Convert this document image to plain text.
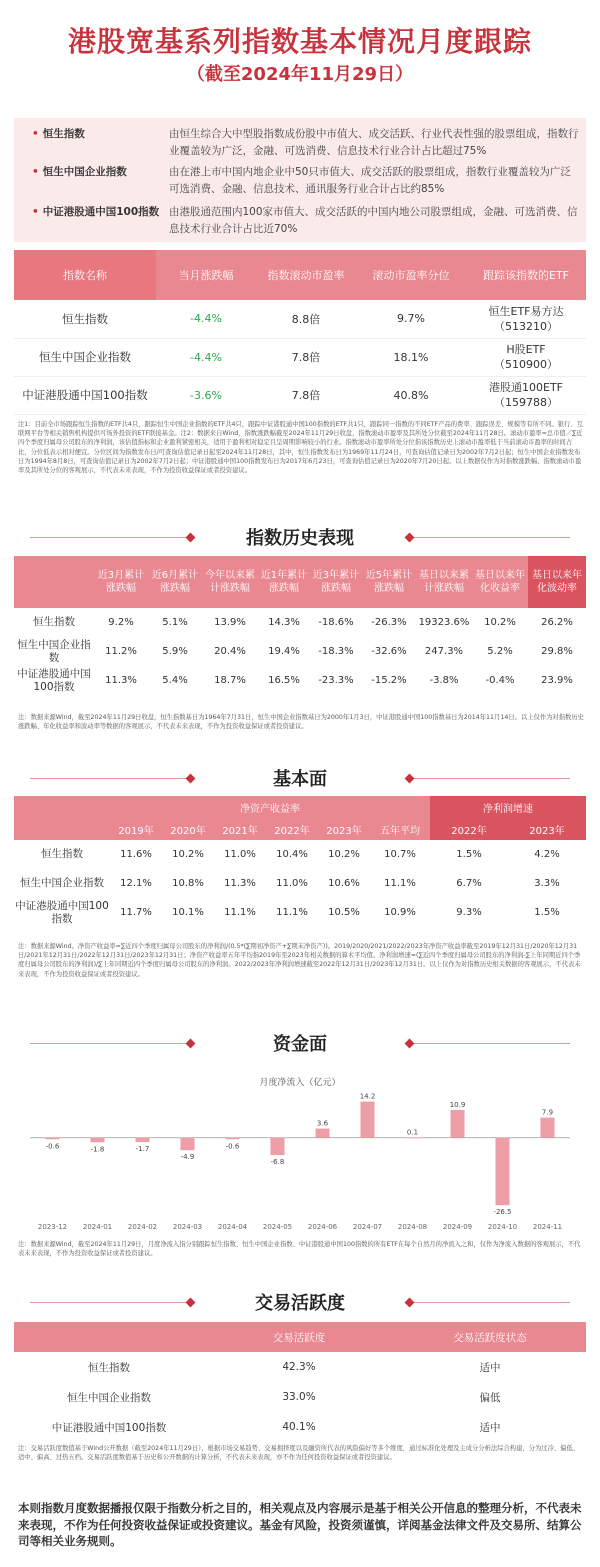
港股宽基系列指数基本情况月度跟踪
（截至2024年11月29日）
• 恒生指数	由恒生综合大中型股指数成份股中市值大、成交活跃、行业代表性强的股票组成，指数行业覆盖较为广泛，金融、可选消费、信息技术行业合计占比超过75%
• 恒生中国企业指数	由在港上市中国内地企业中50只市值大、成交活跃的股票组成，指数行业覆盖较为广泛可选消费、金融、信息技术、通讯服务行业合计占比约85%
• 中证港股通中国100指数 由港股通范围内100家市值大、成交活跃的中国内地公司股票组成，金融、可选消费、信息技术行业合计占比近70%
指数名称	当月涨跌幅	指数滚动市盈率	滚动市盈率分位	跟踪该指数的ETF
恒生指数	-4.4%	8.8倍	9.7%	恒生ETF易方达
（513210）

恒生中国企业指数	-4.4%	7.8倍	18.1%	H股ETF
（510900）

中证港股通中国100指数	-3.6%	7.8倍	40.8%	港股通100ETF
（159788）
注1：目前全市场跟踪恒生指数的ETF共4只，跟踪恒生中国企业指数的ETF共4只，跟踪中证港股通中国100指数的ETF共1只，跟踪同一指数的不同ETF产品的费率、跟踪误差、规模等有所不同。银行、互联网平台等相关销售机构提供可场外投资的ETF联接基金。注2：数据来自Wind，指数涨跌幅截至2024年11月29日收盘，指数滚动市盈率及其所处分位截至2024年11月28日。滚动市盈率=总市值／∑近四个季度归属母公司股东的净利润，该估值指标和企业盈利紧密相关，适用于盈利相对稳定且呈周期影响较小的行业。指数滚动市盈率所处分位指该指数历史上滚动市盈率低于当前滚动市盈率的时间占比，分位低表示相对便宜。分位区间为指数发布日/可查询估值记录日起至2024年11月28日，其中，恒生指数发布日为1969年11月24日，可查询估值记录日为2002年7月2日起；恒生中国企业指数发布日为1994年8月8日，可查询估值记录日为2002年7月2日起；中证港股通中国100指数发布日为2017年6月23日，可查询估值记录日为2020年7月20日起。以上数据仅作为对指数涨跌幅、指数滚动市盈率及其所处分位的客观展示，不代表未来表现，不作为投资收益保证或者投资建议。
指数历史表现
	近3月累计涨跌幅	近6月累计涨跌幅	今年以来累计涨跌幅	近1年累计涨跌幅	近3年累计涨跌幅	近5年累计涨跌幅	基日以来累计涨跌幅	基日以来年化收益率	基日以来年化波动率
恒生指数	9.2%	5.1%	13.9%	14.3%	-18.6%	-26.3%	19323.6%	10.2%	26.2%
恒生中国企业指数	11.2%	5.9%	20.4%	19.4%	-18.3%	-32.6%	247.3%	5.2%	29.8%
中证港股通中国100指数	11.3%	5.4%	18.7%	16.5%	-23.3%	-15.2%	-3.8%	-0.4%	23.9%
注：数据来源Wind，截至2024年11月29日收盘，恒生指数基日为1964年7月31日，恒生中国企业指数基日为2000年1月3日，中证港股通中国100指数基日为2014年11月14日。以上仅作为对指数历史涨跌幅、年化收益率和波动率等数据的客观展示，不代表未来表现，不作为投资收益保证或者投资建议。
基本面
	净资产收益率						净利润增速	
	2019年	2020年	2021年	2022年	2023年	五年平均	2022年	2023年
恒生指数	11.6%	10.2%	11.0%	10.4%	10.2%	10.7%	1.5%	4.2%
恒生中国企业指数	12.1%	10.8%	11.3%	11.0%	10.6%	11.1%	6.7%	3.3%
中证港股通中国100指数	11.7%	10.1%	11.1%	11.1%	10.5%	10.9%	9.3%	1.5%
注：数据来源Wind。净资产收益率=∑近四个季度归属母公司股东的净利润/(0.5*(∑期初净资产+∑期末净资产))。2019/2020/2021/2022/2023年净资产收益率截至2019年12月31日/2020年12月31日/2021年12月31日/2022年12月31日/2023年12月31日；净资产收益率五年平均指2019年至2023年相关数据的算术平均值。净利润增速=(∑近四个季度归属母公司股东的净利润-∑上年同期近四个季度归属母公司股东的净利润)/∑上年同期近四个季度归属母公司股东的净利润。2022/2023年净利润增速截至2022年12月31日/2023年12月31日。以上仅作为对指数历史相关数据的客观展示，不代表未来表现，不作为投资收益保证或者投资建议。
资金面
月度净流入（亿元）
-0.6
2023-12
-1.8
2024-01
-1.7
2024-02
-4.9
2024-03
-0.6
2024-04
-6.8
2024-05
3.6
2024-06
14.2
2024-07
0.1
2024-08
10.9
2024-09
-26.5
2024-10
7.9
2024-11
注：数据来源Wind，截至2024年11月29日，月度净流入指分别跟踪恒生指数、恒生中国企业指数、中证港股通中国100指数的所有ETF在每个自然月的净流入之和，仅作为净流入数据的客观展示，不代表未来表现，不作为投资收益保证或者投资建议。
交易活跃度
	交易活跃度	交易活跃度状态
恒生指数	42.3%	适中
恒生中国企业指数	33.0%	偏低
中证港股通中国100指数	40.1%	适中
注：交易活跃度数值基于Wind公开数据（截至2024年11月29日），根据市场交易趋势、交易拥挤度以及融资所代表的风险偏好等多个维度，通过标准化处理及主成分分析法综合构建，分为过冷、偏低、适中、偏高、过热五档。交易活跃度数值基于历史和公开数据的计算分析，不代表未来表现，亦不作为任何投资收益保证或者投资建议。
本则指数月度数据播报仅限于指数分析之目的，相关观点及内容展示是基于相关公开信息的整理分析，不代表未来表现，不作为任何投资收益保证或投资建议。基金有风险，投资须谨慎，详阅基金法律文件及交易所、结算公司等相关业务规则。
